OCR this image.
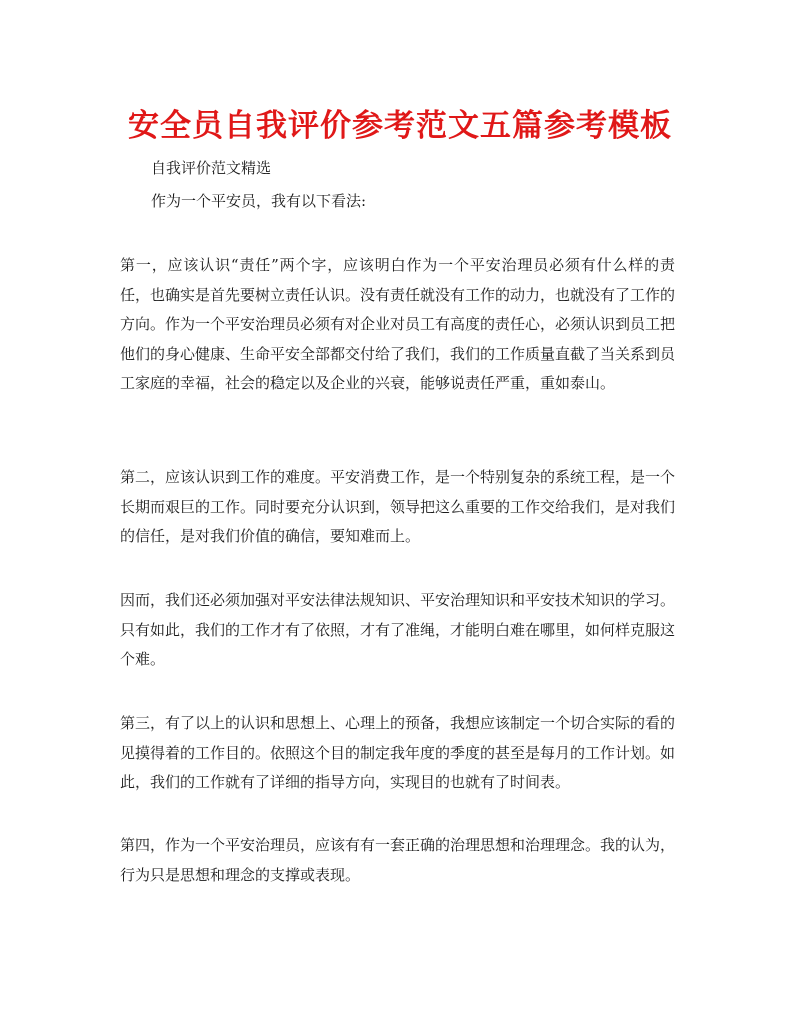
安全员自我评价参考范文五篇参考模板
自我评价范文精选
作为一个平安员，我有以下看法:
第一，应该认识“责任”两个字，应该明白作为一个平安治理员必须有什么样的责任，也确实是首先要树立责任认识。没有责任就没有工作的动力，也就没有了工作的方向。作为一个平安治理员必须有对企业对员工有高度的责任心，必须认识到员工把他们的身心健康、生命平安全部都交付给了我们，我们的工作质量直截了当关系到员工家庭的幸福，社会的稳定以及企业的兴衰，能够说责任严重，重如泰山。
第二，应该认识到工作的难度。平安消费工作，是一个特别复杂的系统工程，是一个长期而艰巨的工作。同时要充分认识到，领导把这么重要的工作交给我们，是对我们的信任，是对我们价值的确信，要知难而上。
因而，我们还必须加强对平安法律法规知识、平安治理知识和平安技术知识的学习。只有如此，我们的工作才有了依照，才有了准绳，才能明白难在哪里，如何样克服这个难。
第三，有了以上的认识和思想上、心理上的预备，我想应该制定一个切合实际的看的见摸得着的工作目的。依照这个目的制定我年度的季度的甚至是每月的工作计划。如此，我们的工作就有了详细的指导方向，实现目的也就有了时间表。
第四，作为一个平安治理员，应该有有一套正确的治理思想和治理理念。我的认为，行为只是思想和理念的支撑或表现。
